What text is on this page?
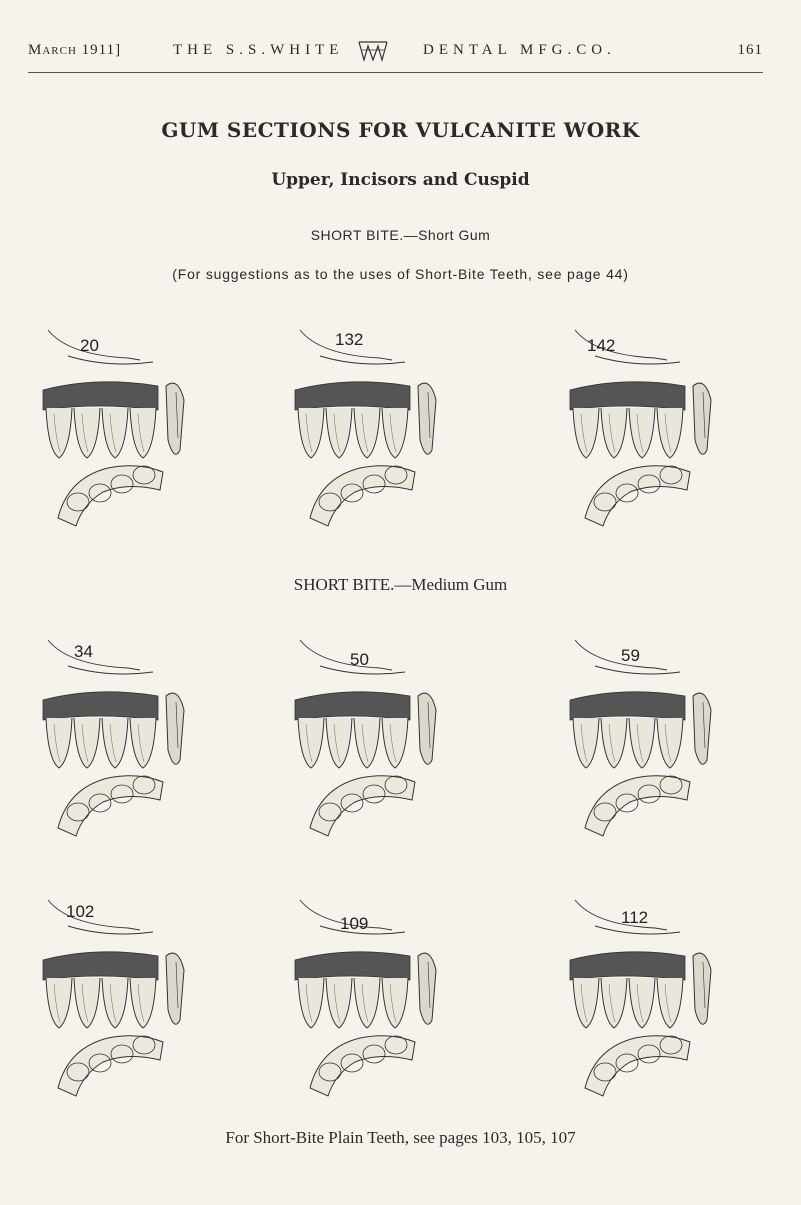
March 1911]	THE S.S.WHITE	DENTAL MFG.CO.	161
GUM SECTIONS FOR VULCANITE WORK
Upper, Incisors and Cuspid
SHORT BITE.—Short Gum
(For suggestions as to the uses of Short-Bite Teeth, see page 44)
SHORT BITE.—Medium Gum
For Short-Bite Plain Teeth, see pages 103, 105, 107
20	132	142
34	50	59
102
109	112
